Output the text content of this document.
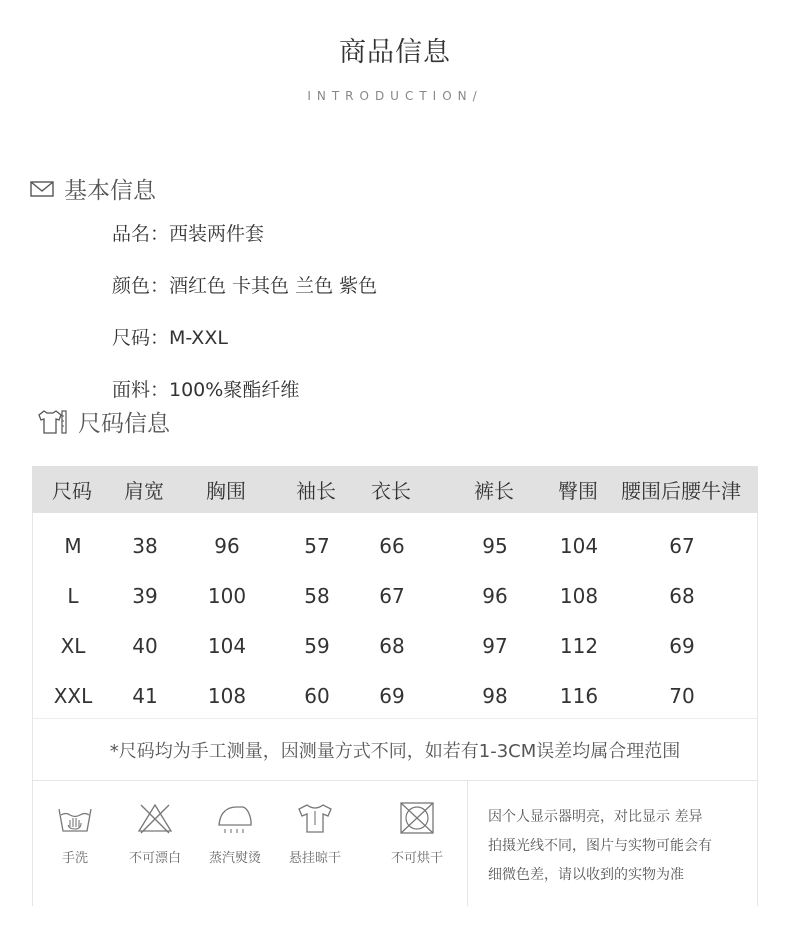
商品信息
INTRODUCTION/
基本信息
品名：西装两件套
颜色：酒红色 卡其色 兰色 紫色
尺码：M-XXL
面料：100%聚酯纤维
尺码信息
尺码	肩宽	胸围	袖长	衣长	裤长	臀围	腰围后腰牛津
M	38	96	57	66	95	104	67
L	39	100	58	67	96	108	68
XL	40	104	59	68	97	112	69
XXL	41	108	60	69	98	116	70
*尺码均为手工测量，因测量方式不同，如若有1-3CM误差均属合理范围
手洗	不可漂白	蒸汽熨烫	悬挂晾干	不可烘干
因个人显示器明亮，对比显示 差异
拍摄光线不同，图片与实物可能会有
细微色差，请以收到的实物为准
